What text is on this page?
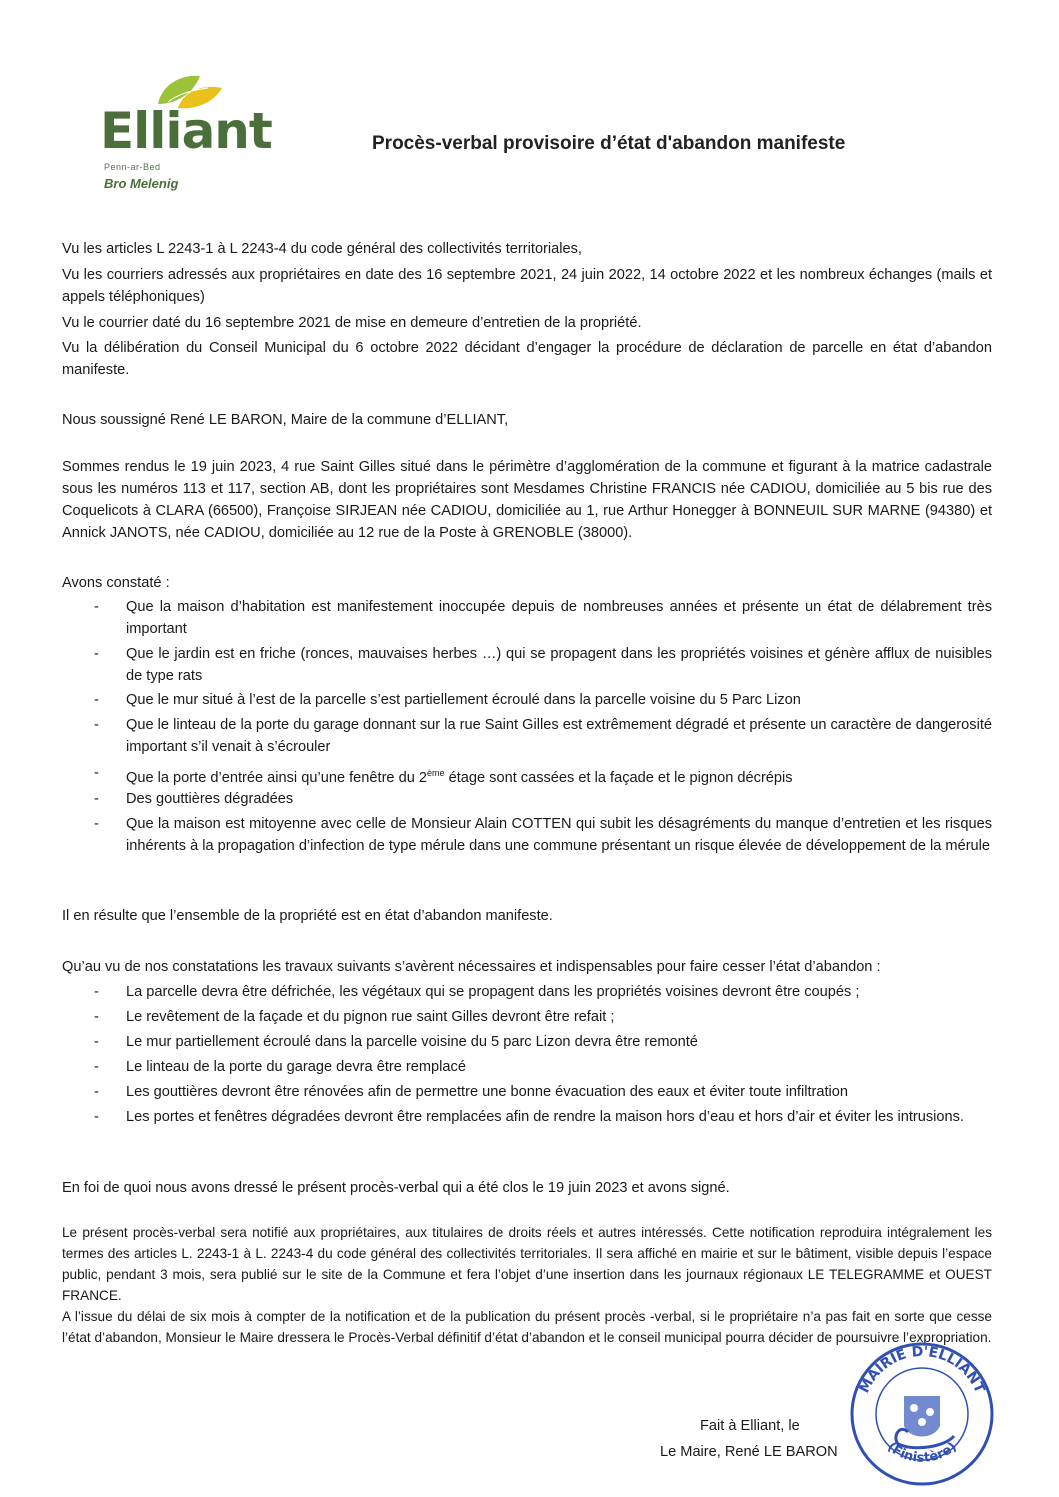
Elliant
Penn-ar-Bed
Bro Melenig
Procès-verbal provisoire d’état d'abandon manifeste
Vu les articles L 2243-1 à L 2243-4 du code général des collectivités territoriales,
Vu les courriers adressés aux propriétaires en date des 16 septembre 2021, 24 juin 2022, 14 octobre 2022 et les nombreux échanges (mails et appels téléphoniques)
Vu le courrier daté du 16 septembre 2021 de mise en demeure d’entretien de la propriété.
Vu la délibération du Conseil Municipal du 6 octobre 2022 décidant d’engager la procédure de déclaration de parcelle en état d’abandon manifeste.
Nous soussigné René LE BARON, Maire de la commune d’ELLIANT,
Sommes rendus le 19 juin 2023, 4 rue Saint Gilles situé dans le périmètre d’agglomération de la commune et figurant à la matrice cadastrale sous les numéros 113 et 117, section AB, dont les propriétaires sont Mesdames Christine FRANCIS née CADIOU, domiciliée au 5 bis rue des Coquelicots à CLARA (66500), Françoise SIRJEAN née CADIOU, domiciliée au 1, rue Arthur Honegger à BONNEUIL SUR MARNE (94380) et Annick JANOTS, née CADIOU, domiciliée au 12 rue de la Poste à GRENOBLE (38000).
Avons constaté :
- Que la maison d’habitation est manifestement inoccupée depuis de nombreuses années et présente un état de délabrement très important
- Que le jardin est en friche (ronces, mauvaises herbes …) qui se propagent dans les propriétés voisines et génère afflux de nuisibles de type rats
- Que le mur situé à l’est de la parcelle s’est partiellement écroulé dans la parcelle voisine du 5 Parc Lizon
- Que le linteau de la porte du garage donnant sur la rue Saint Gilles est extrêmement dégradé et présente un caractère de dangerosité important s’il venait à s’écrouler
- Que la porte d’entrée ainsi qu’une fenêtre du 2ème étage sont cassées et la façade et le pignon décrépis
- Des gouttières dégradées
- Que la maison est mitoyenne avec celle de Monsieur Alain COTTEN qui subit les désagréments du manque d’entretien et les risques inhérents à la propagation d’infection de type mérule dans une commune présentant un risque élevée de développement de la mérule
Il en résulte que l’ensemble de la propriété est en état d’abandon manifeste.
Qu’au vu de nos constatations les travaux suivants s’avèrent nécessaires et indispensables pour faire cesser l’état d’abandon :
- La parcelle devra être défrichée, les végétaux qui se propagent dans les propriétés voisines devront être coupés ;
- Le revêtement de la façade et du pignon rue saint Gilles devront être refait ;
- Le mur partiellement écroulé dans la parcelle voisine du 5 parc Lizon devra être remonté
- Le linteau de la porte du garage devra être remplacé
- Les gouttières devront être rénovées afin de permettre une bonne évacuation des eaux et éviter toute infiltration
- Les portes et fenêtres dégradées devront être remplacées afin de rendre la maison hors d’eau et hors d’air et éviter les intrusions.
En foi de quoi nous avons dressé le présent procès-verbal qui a été clos le 19 juin 2023 et avons signé.
Le présent procès-verbal sera notifié aux propriétaires, aux titulaires de droits réels et autres intéressés. Cette notification reproduira intégralement les termes des articles L. 2243-1 à L. 2243-4 du code général des collectivités territoriales. Il sera affiché en mairie et sur le bâtiment, visible depuis l’espace public, pendant 3 mois, sera publié sur le site de la Commune et fera l’objet d’une insertion dans les journaux régionaux LE TELEGRAMME et OUEST FRANCE.
A l’issue du délai de six mois à compter de la notification et de la publication du présent procès -verbal, si le propriétaire n’a pas fait en sorte que cesse l’état d’abandon, Monsieur le Maire dressera le Procès-Verbal définitif d’état d’abandon et le conseil municipal pourra décider de poursuivre l’expropriation.
Fait à Elliant, le
Le Maire, René LE BARON
MAIRIE D'ELLIANT
(Finistère)
